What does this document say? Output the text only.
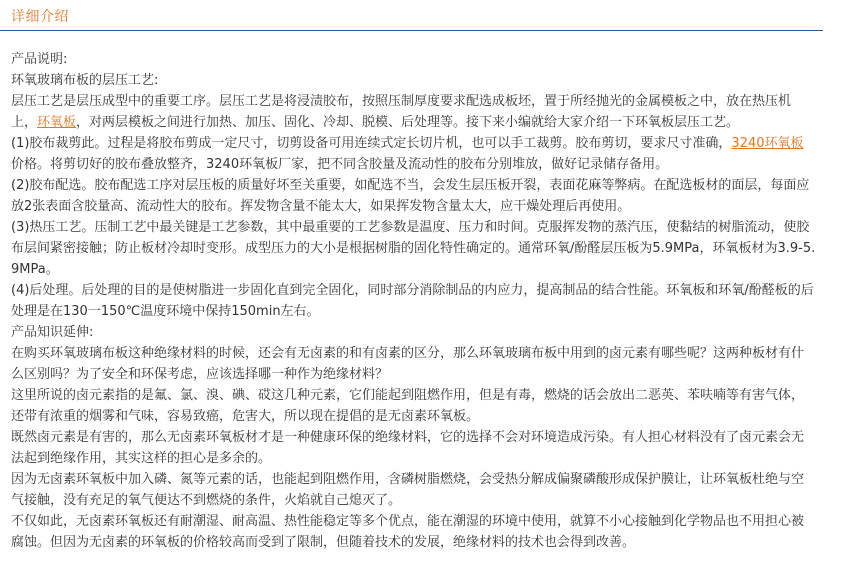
详细介绍

产品说明:

环氧玻璃布板的层压工艺:

层压工艺是层压成型中的重要工序。层压工艺是将浸渍胶布，按照压制厚度要求配选成板坯，置于所经抛光的金属模板之中，放在热压机上，环氧板，对两层模板之间进行加热、加压、固化、冷却、脱模、后处理等。接下来小编就给大家介绍一下环氧板层压工艺。

(1)胶布裁剪此。过程是将胶布剪成一定尺寸，切剪设备可用连续式定长切片机，也可以手工裁剪。胶布剪切，要求尺寸准确，3240环氧板价格。将剪切好的胶布叠放整齐，3240环氧板厂家，把不同含胶量及流动性的胶布分别堆放，做好记录储存备用。

(2)胶布配选。胶布配选工序对层压板的质量好坏至关重要，如配选不当，会发生层压板开裂，表面花麻等弊病。在配选板材的面层，每面应放2张表面含胶量高、流动性大的胶布。挥发物含量不能太大，如果挥发物含量太大，应干燥处理后再使用。

(3)热压工艺。压制工艺中最关键是工艺参数，其中最重要的工艺参数是温度、压力和时间。克服挥发物的蒸汽压，使黏结的树脂流动，使胶布层间紧密接触；防止板材冷却时变形。成型压力的大小是根据树脂的固化特性确定的。通常环氧/酚醛层压板为5.9MPa，环氧板材为3.9-5.9MPa。

(4)后处理。后处理的目的是使树脂进一步固化直到完全固化，同时部分消除制品的内应力，提高制品的结合性能。环氧板和环氧/酚醛板的后处理是在130一150℃温度环境中保持150min左右。

产品知识延伸:

在购买环氧玻璃布板这种绝缘材料的时候，还会有无卤素的和有卤素的区分，那么环氧玻璃布板中用到的卤元素有哪些呢？这两种板材有什么区别吗？为了安全和环保考虑，应该选择哪一种作为绝缘材料？

这里所说的卤元素指的是氟、氯、溴、碘、砹这几种元素，它们能起到阻燃作用，但是有毒，燃烧的话会放出二恶英、苯呋喃等有害气体，还带有浓重的烟雾和气味，容易致癌，危害大，所以现在提倡的是无卤素环氧板。

既然卤元素是有害的，那么无卤素环氧板材才是一种健康环保的绝缘材料，它的选择不会对环境造成污染。有人担心材料没有了卤元素会无法起到绝缘作用，其实这样的担心是多余的。

因为无卤素环氧板中加入磷、氮等元素的话，也能起到阻燃作用，含磷树脂燃烧，会受热分解成偏聚磷酸形成保护膜让，让环氧板杜绝与空气接触，没有充足的氧气便达不到燃烧的条件，火焰就自己熄灭了。

不仅如此，无卤素环氧板还有耐潮湿、耐高温、热性能稳定等多个优点，能在潮湿的环境中使用，就算不小心接触到化学物品也不用担心被腐蚀。但因为无卤素的环氧板的价格较高而受到了限制，但随着技术的发展，绝缘材料的技术也会得到改善。
